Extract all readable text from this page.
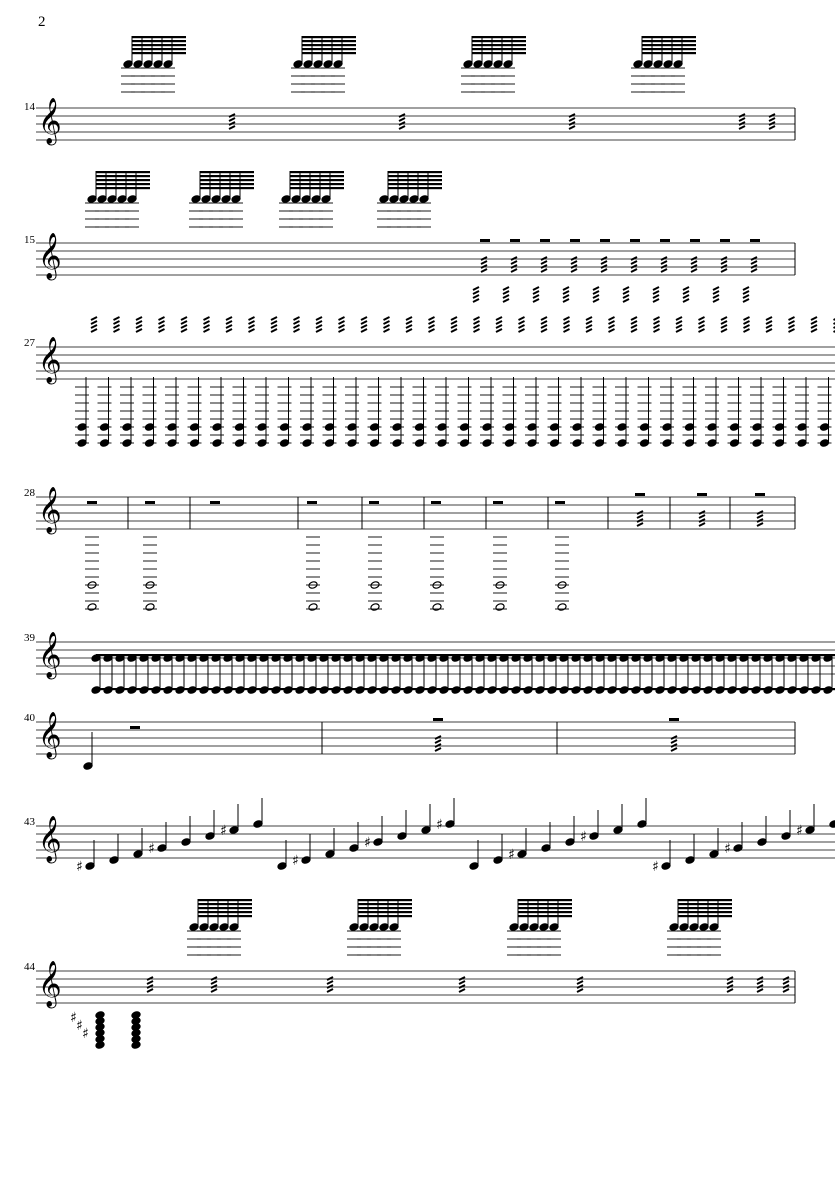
2
14
15
27
28
39
40
43
44
𝄞
𝄞
𝄞
𝄞
𝄞
𝄞
𝄞
♯
♯
♯
♯
♯
♯
♯
♯
♯
♯
♯
𝄞
♯ ♯ ♯
